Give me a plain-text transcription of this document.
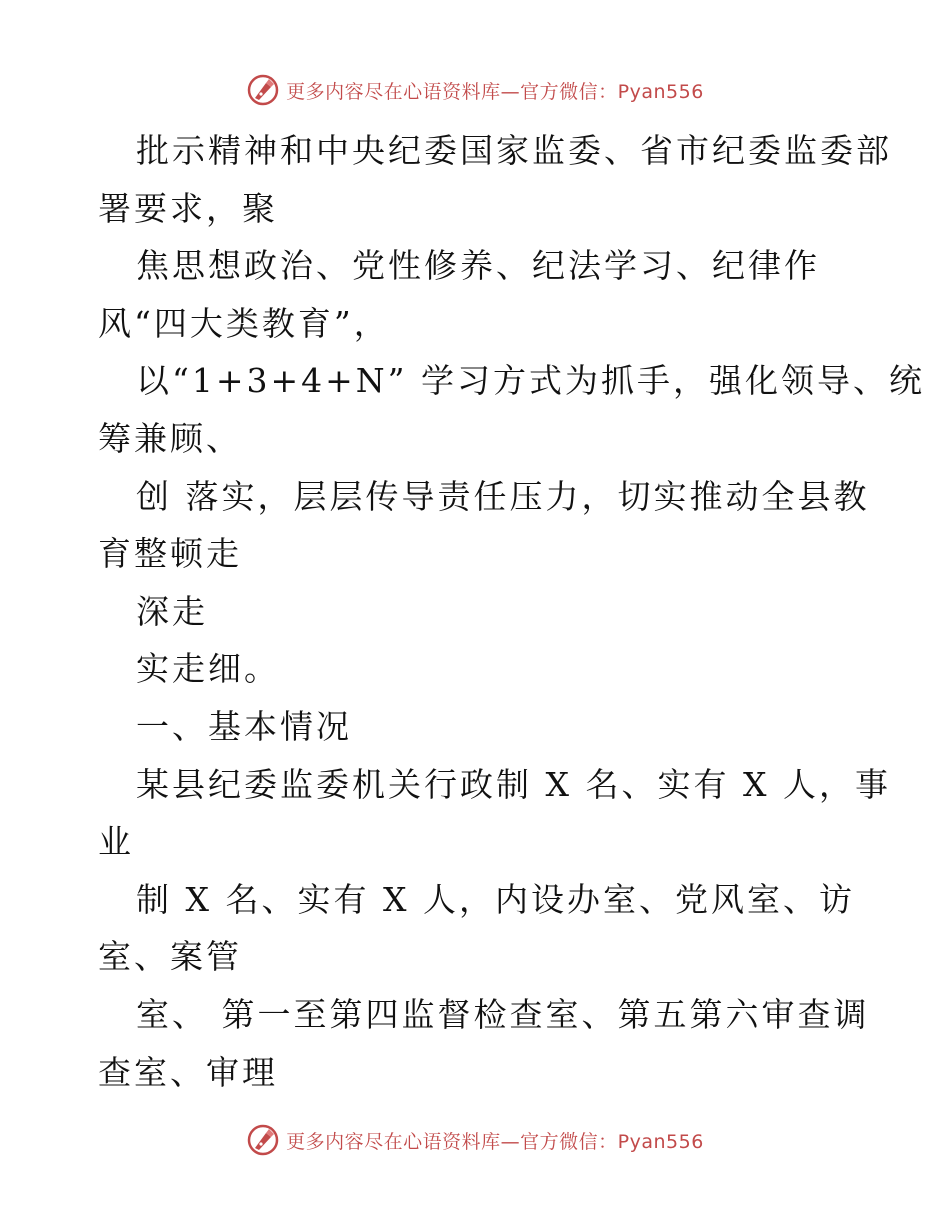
更多内容尽在心语资料库—官方微信：Pyan556
批示精神和中央纪委国家监委、省市纪委监委部
署要求，聚
焦思想政治、党性修养、纪法学习、纪律作
风“四大类教育”，
以“1+3+4+N” 学习方式为抓手，强化领导、统
筹兼顾、
创 落实，层层传导责任压力，切实推动全县教
育整顿走
深走
实走细。
一、基本情况
某县纪委监委机关行政制 X 名、实有 X 人，事
业
制 X 名、实有 X 人，内设办室、党风室、访
室、案管
室、 第一至第四监督检查室、第五第六审查调
查室、审理
更多内容尽在心语资料库—官方微信：Pyan556
